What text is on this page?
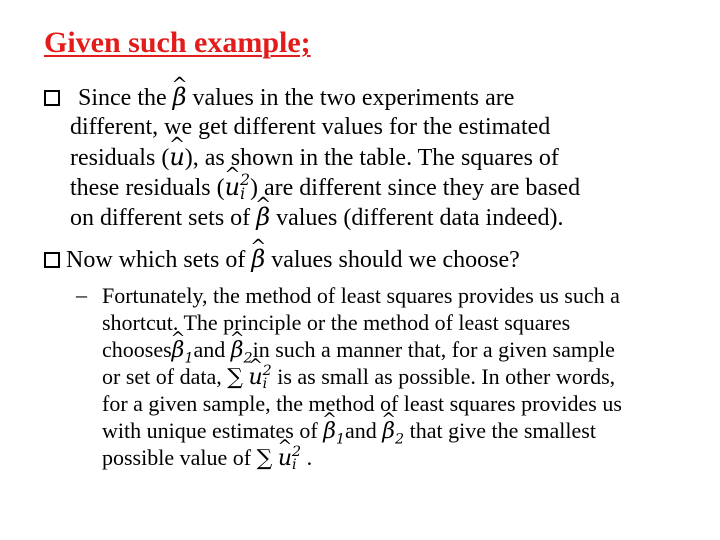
Given such example;
Since the ^ β values in the two experiments are
different, we get different values for the estimated
residuals (^ u), as shown in the table. The squares of
these residuals (^ u 2
i ) are different since they are based
on different sets of ^ β values (different data indeed).
Now which sets of ^ β values should we choose?
– Fortunately, the method of least squares provides us such a
shortcut. The principle or the method of least squares
chooses^ $\beta_1and$ ^ $\beta_2in$ such a manner that, for a given sample
or set of data, ∑ ^ u 2
i is as small as possible. In other words,
for a given sample, the method of least squares provides us
with unique estimates of ^ $\beta_1and$ ^ $\beta_2$ that give the smallest
possible value of ∑ ^ u 2
i .
